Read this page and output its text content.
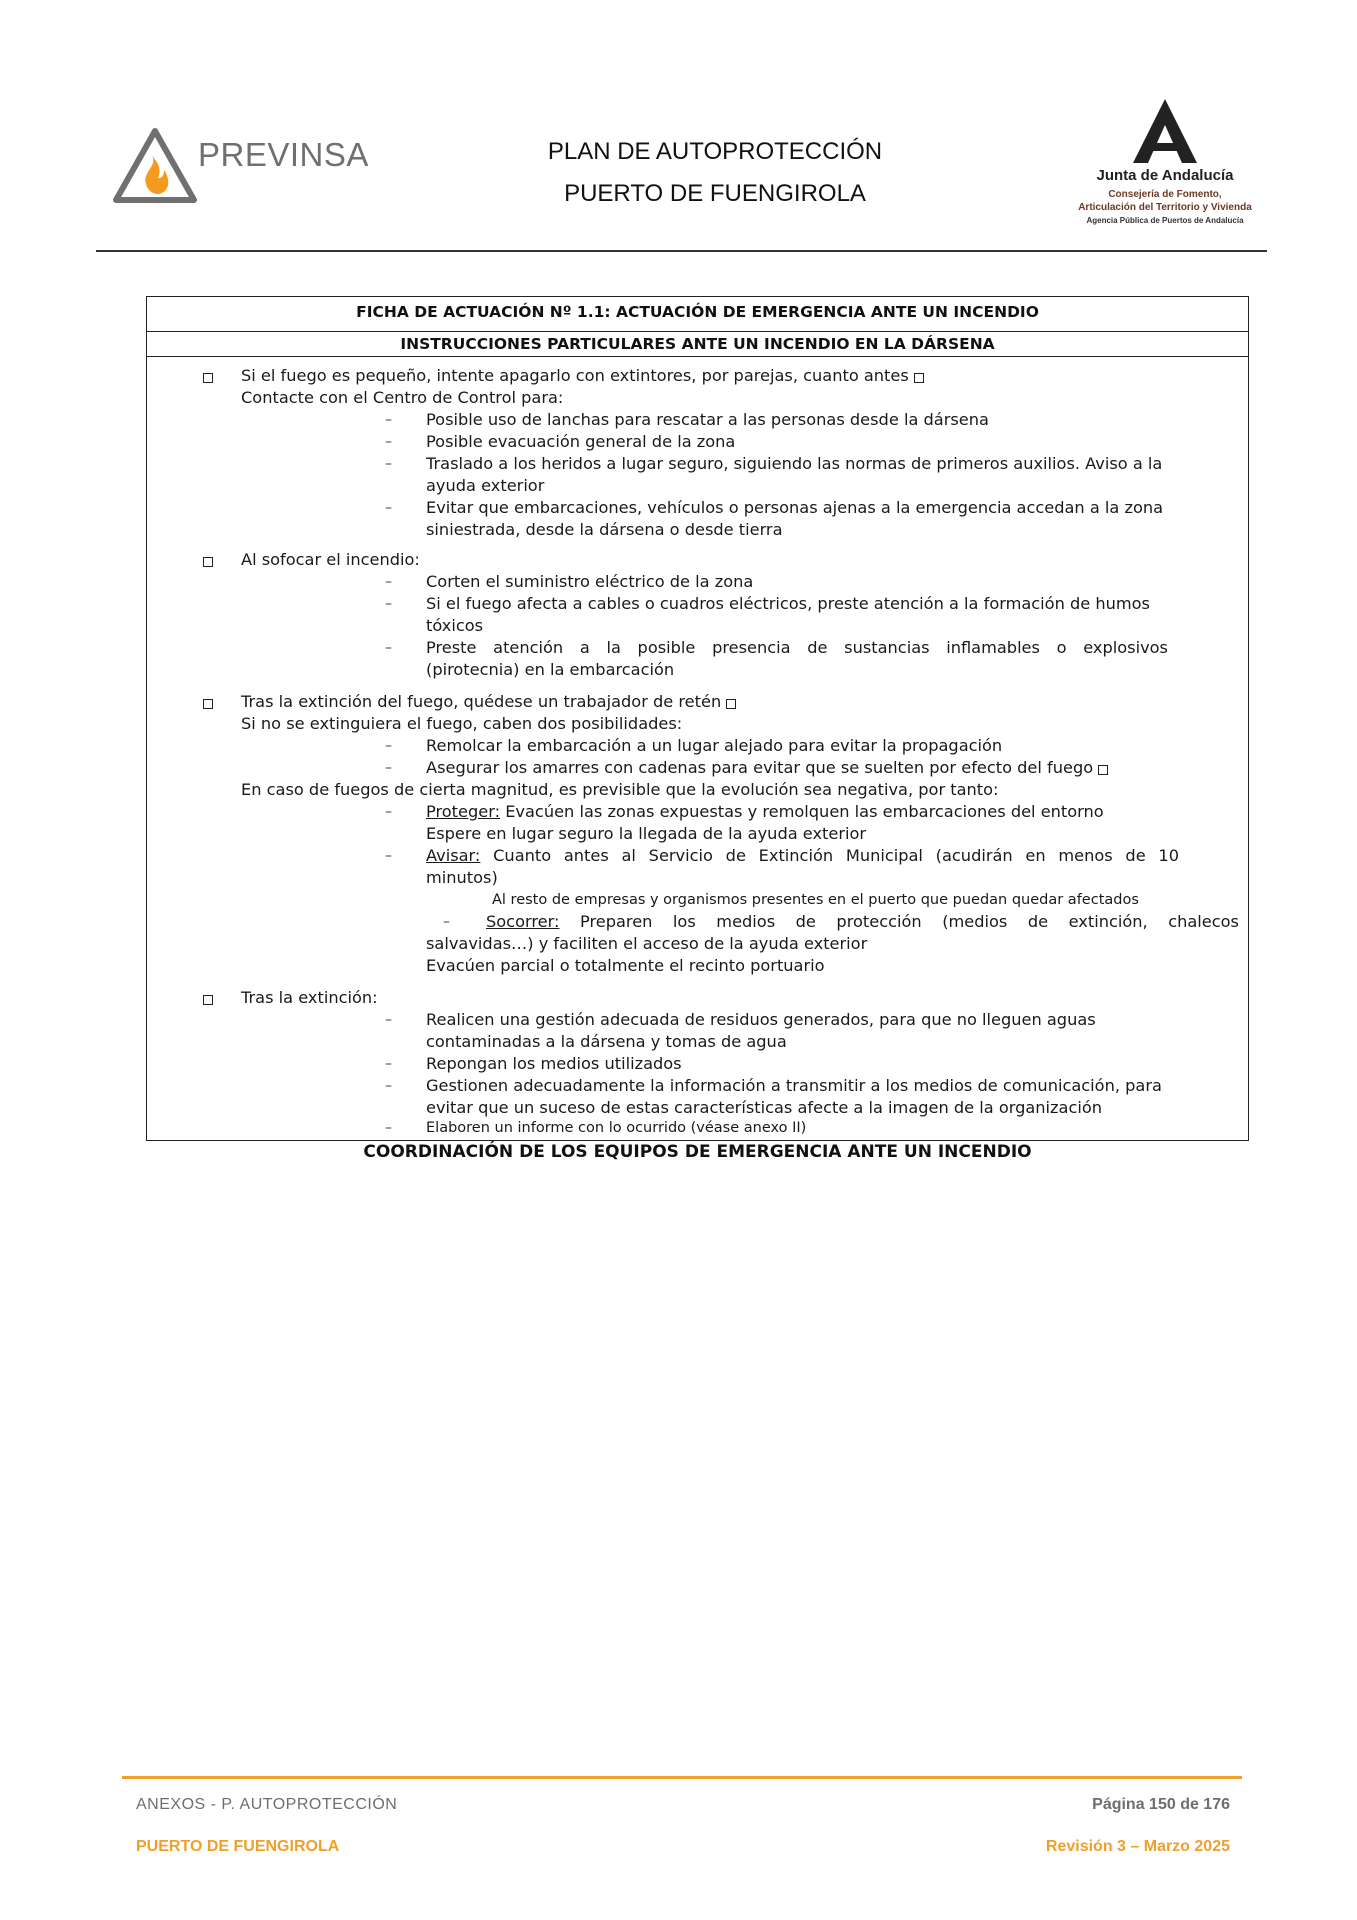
PREVINSA	PLAN DE AUTOPROTECCIÓN
PUERTO DE FUENGIROLA
Junta de Andalucía
Consejería de Fomento,
Articulación del Territorio y Vivienda
Agencia Pública de Puertos de Andalucía
FICHA DE ACTUACIÓN Nº 1.1: ACTUACIÓN DE EMERGENCIA ANTE UN INCENDIO
INSTRUCCIONES PARTICULARES ANTE UN INCENDIO EN LA DÁRSENA
Si el fuego es pequeño, intente apagarlo con extintores, por parejas, cuanto antes
Contacte con el Centro de Control para:
– Posible uso de lanchas para rescatar a las personas desde la dársena
– Posible evacuación general de la zona
– Traslado a los heridos a lugar seguro, siguiendo las normas de primeros auxilios. Aviso a la
ayuda exterior
– Evitar que embarcaciones, vehículos o personas ajenas a la emergencia accedan a la zona
siniestrada, desde la dársena o desde tierra
Al sofocar el incendio:
– Corten el suministro eléctrico de la zona
– Si el fuego afecta a cables o cuadros eléctricos, preste atención a la formación de humos
tóxicos
– Preste atención a la posible presencia de sustancias inflamables o explosivos
(pirotecnia) en la embarcación
Tras la extinción del fuego, quédese un trabajador de retén
Si no se extinguiera el fuego, caben dos posibilidades:
– Remolcar la embarcación a un lugar alejado para evitar la propagación
– Asegurar los amarres con cadenas para evitar que se suelten por efecto del fuego
En caso de fuegos de cierta magnitud, es previsible que la evolución sea negativa, por tanto:
– Proteger: Evacúen las zonas expuestas y remolquen las embarcaciones del entorno
Espere en lugar seguro la llegada de la ayuda exterior
– Avisar: Cuanto antes al Servicio de Extinción Municipal (acudirán en menos de 10
minutos)
Al resto de empresas y organismos presentes en el puerto que puedan quedar afectados
– Socorrer: Preparen los medios de protección (medios de extinción, chalecos
salvavidas…) y faciliten el acceso de la ayuda exterior
Evacúen parcial o totalmente el recinto portuario
Tras la extinción:
– Realicen una gestión adecuada de residuos generados, para que no lleguen aguas
contaminadas a la dársena y tomas de agua
– Repongan los medios utilizados
– Gestionen adecuadamente la información a transmitir a los medios de comunicación, para
evitar que un suceso de estas características afecte a la imagen de la organización
– Elaboren un informe con lo ocurrido (véase anexo II)
COORDINACIÓN DE LOS EQUIPOS DE EMERGENCIA ANTE UN INCENDIO
ANEXOS - P. AUTOPROTECCIÓN	Página 150 de 176
PUERTO DE FUENGIROLA	Revisión 3 – Marzo 2025
